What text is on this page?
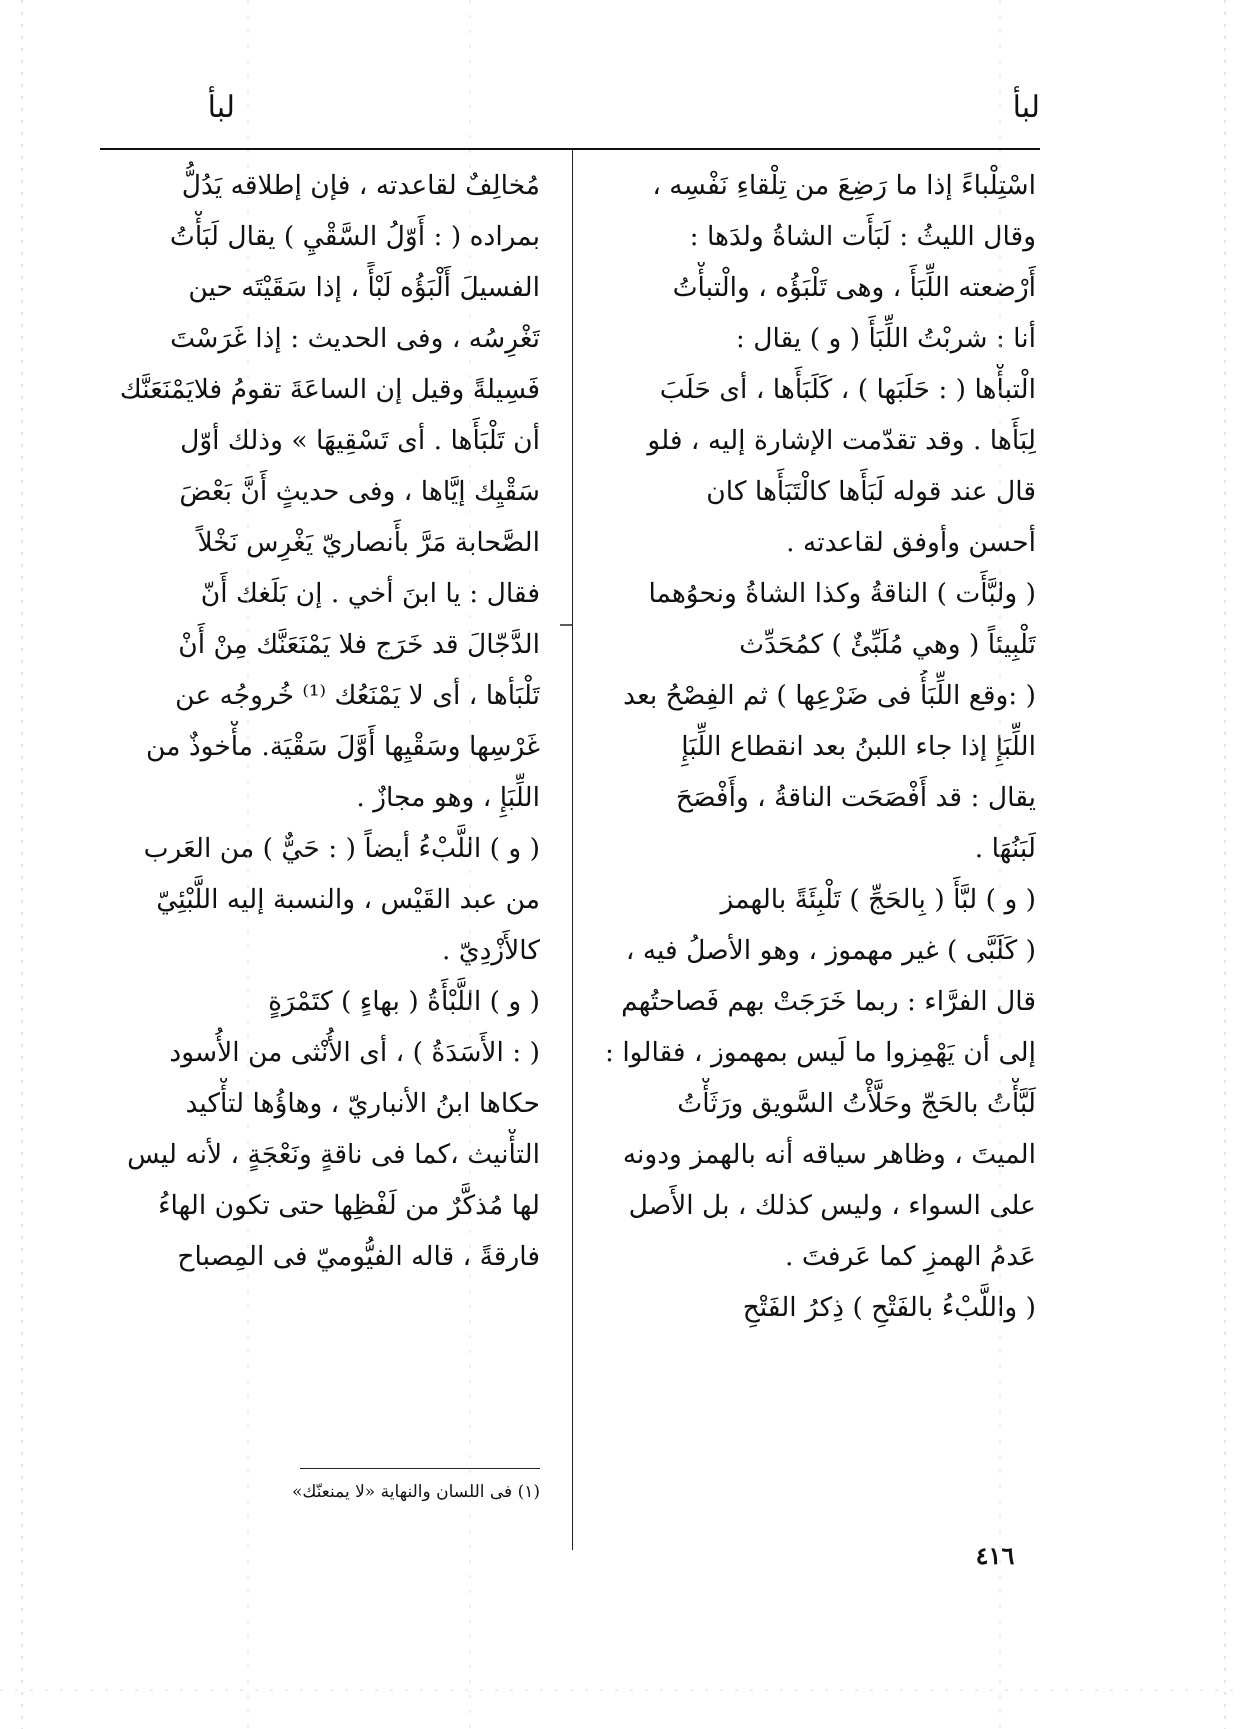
لبأ
لبأ
اسْتِلْباءً إذا ما رَضِعَ من تِلْقاءِ نَفْسِه ،
وقال الليثُ : لَبَأَت الشاةُ ولدَها :
أَرْضعته اللِّبَأَ ، وهى تَلْبَؤُه ، والْتبأْتُ
أنا : شربْتُ اللِّبَأَ ( و ) يقال :
الْتبأْها ( : حَلَبَها ) ، كَلَبَأَها ، أى حَلَبَ
لِبَأَها . وقد تقدّمت الإشارة إليه ، فلو
قال عند قوله لَبَأَها كالْتَبَأَها كان
أحسن وأوفق لقاعدته .
( ولبَّأَت ) الناقةُ وكذا الشاةُ ونحوُهما
تَلْبِيئاً ( وهي مُلَبِّئٌ ) كمُحَدِّث
( :وقع اللِّبَأُ فى ضَرْعِها ) ثم الفِصْحُ بعد
اللِّبَإِ إذا جاء اللبنُ بعد انقطاع اللِّبَإِ
يقال : قد أَفْصَحَت الناقةُ ، وأَفْصَحَ
لَبَنُهَا .
( و ) لبَّأَ ( بِالحَجِّ ) تَلْبِئَةً بالهمز
( كَلَبَّى ) غير مهموز ، وهو الأصلُ فيه ،
قال الفرَّاء : ربما خَرَجَتْ بهم فَصاحتُهم
إلى أن يَهْمِزوا ما لَيس بمهموز ، فقالوا :
لَبَّأْتُ بالحَجّ وحَلَّأْتُ السَّويق ورَثَأْتُ
الميتَ ، وظاهر سياقه أنه بالهمز ودونه
على السواء ، وليس كذلك ، بل الأَصل
عَدمُ الهمزِ كما عَرفتَ .
( واللَّبْءُ بالفَتْحِ ) ذِكرُ الفَتْحِ
مُخالِفٌ لقاعدته ، فإن إطلاقه يَدُلُّ
بمراده ( : أَوّلُ السَّقْيِ ) يقال لَبَأْتُ
الفسيلَ أَلْبَؤُه لَبْأً ، إذا سَقَيْتَه حين
تَغْرِسُه ، وفى الحديث : إذا غَرَسْتَ
فَسِيلةً وقيل إن الساعَةَ تقومُ فلايَمْنَعَنَّك
أن تَلْبَأَها . أى تَسْقِيهَا » وذلك أوّل
سَقْيِك إيَّاها ، وفى حديثٍ أَنَّ بَعْضَ
الصَّحابة مَرَّ بأَنصاريّ يَغْرِس نَخْلاً
فقال : يا ابنَ أخي . إن بَلَغك أَنّ
الدَّجّالَ قد خَرَج فلا يَمْنَعَنَّك مِنْ أَنْ
تَلْبَأها ، أى لا يَمْنَعُك ⁽¹⁾ خُروجُه عن
غَرْسِها وسَقْيِها أَوَّلَ سَقْيَة. مأْخوذٌ من
اللِّبَإِ ، وهو مجازٌ .
( و ) اللَّبْءُ أيضاً ( : حَيٌّ ) من العَرب
من عبد القَيْس ، والنسبة إليه اللَّبْئِيّ
كالأَزْدِيّ .
( و ) اللَّبْأَةُ ( بهاءٍ ) كتَمْرَةٍ
( : الأَسَدَةُ ) ، أى الأُنْثى من الأُسود
حكاها ابنُ الأنباريّ ، وهاؤُها لتأْكيد
التأْنيث ،كما فى ناقةٍ ونَعْجَةٍ ، لأنه ليس
لها مُذكَّرٌ من لَفْظِها حتى تكون الهاءُ
فارقةً ، قاله الفيُّوميّ فى المِصباح
(١) فى اللسان والنهاية «لا يمنعنّك»
٤١٦
